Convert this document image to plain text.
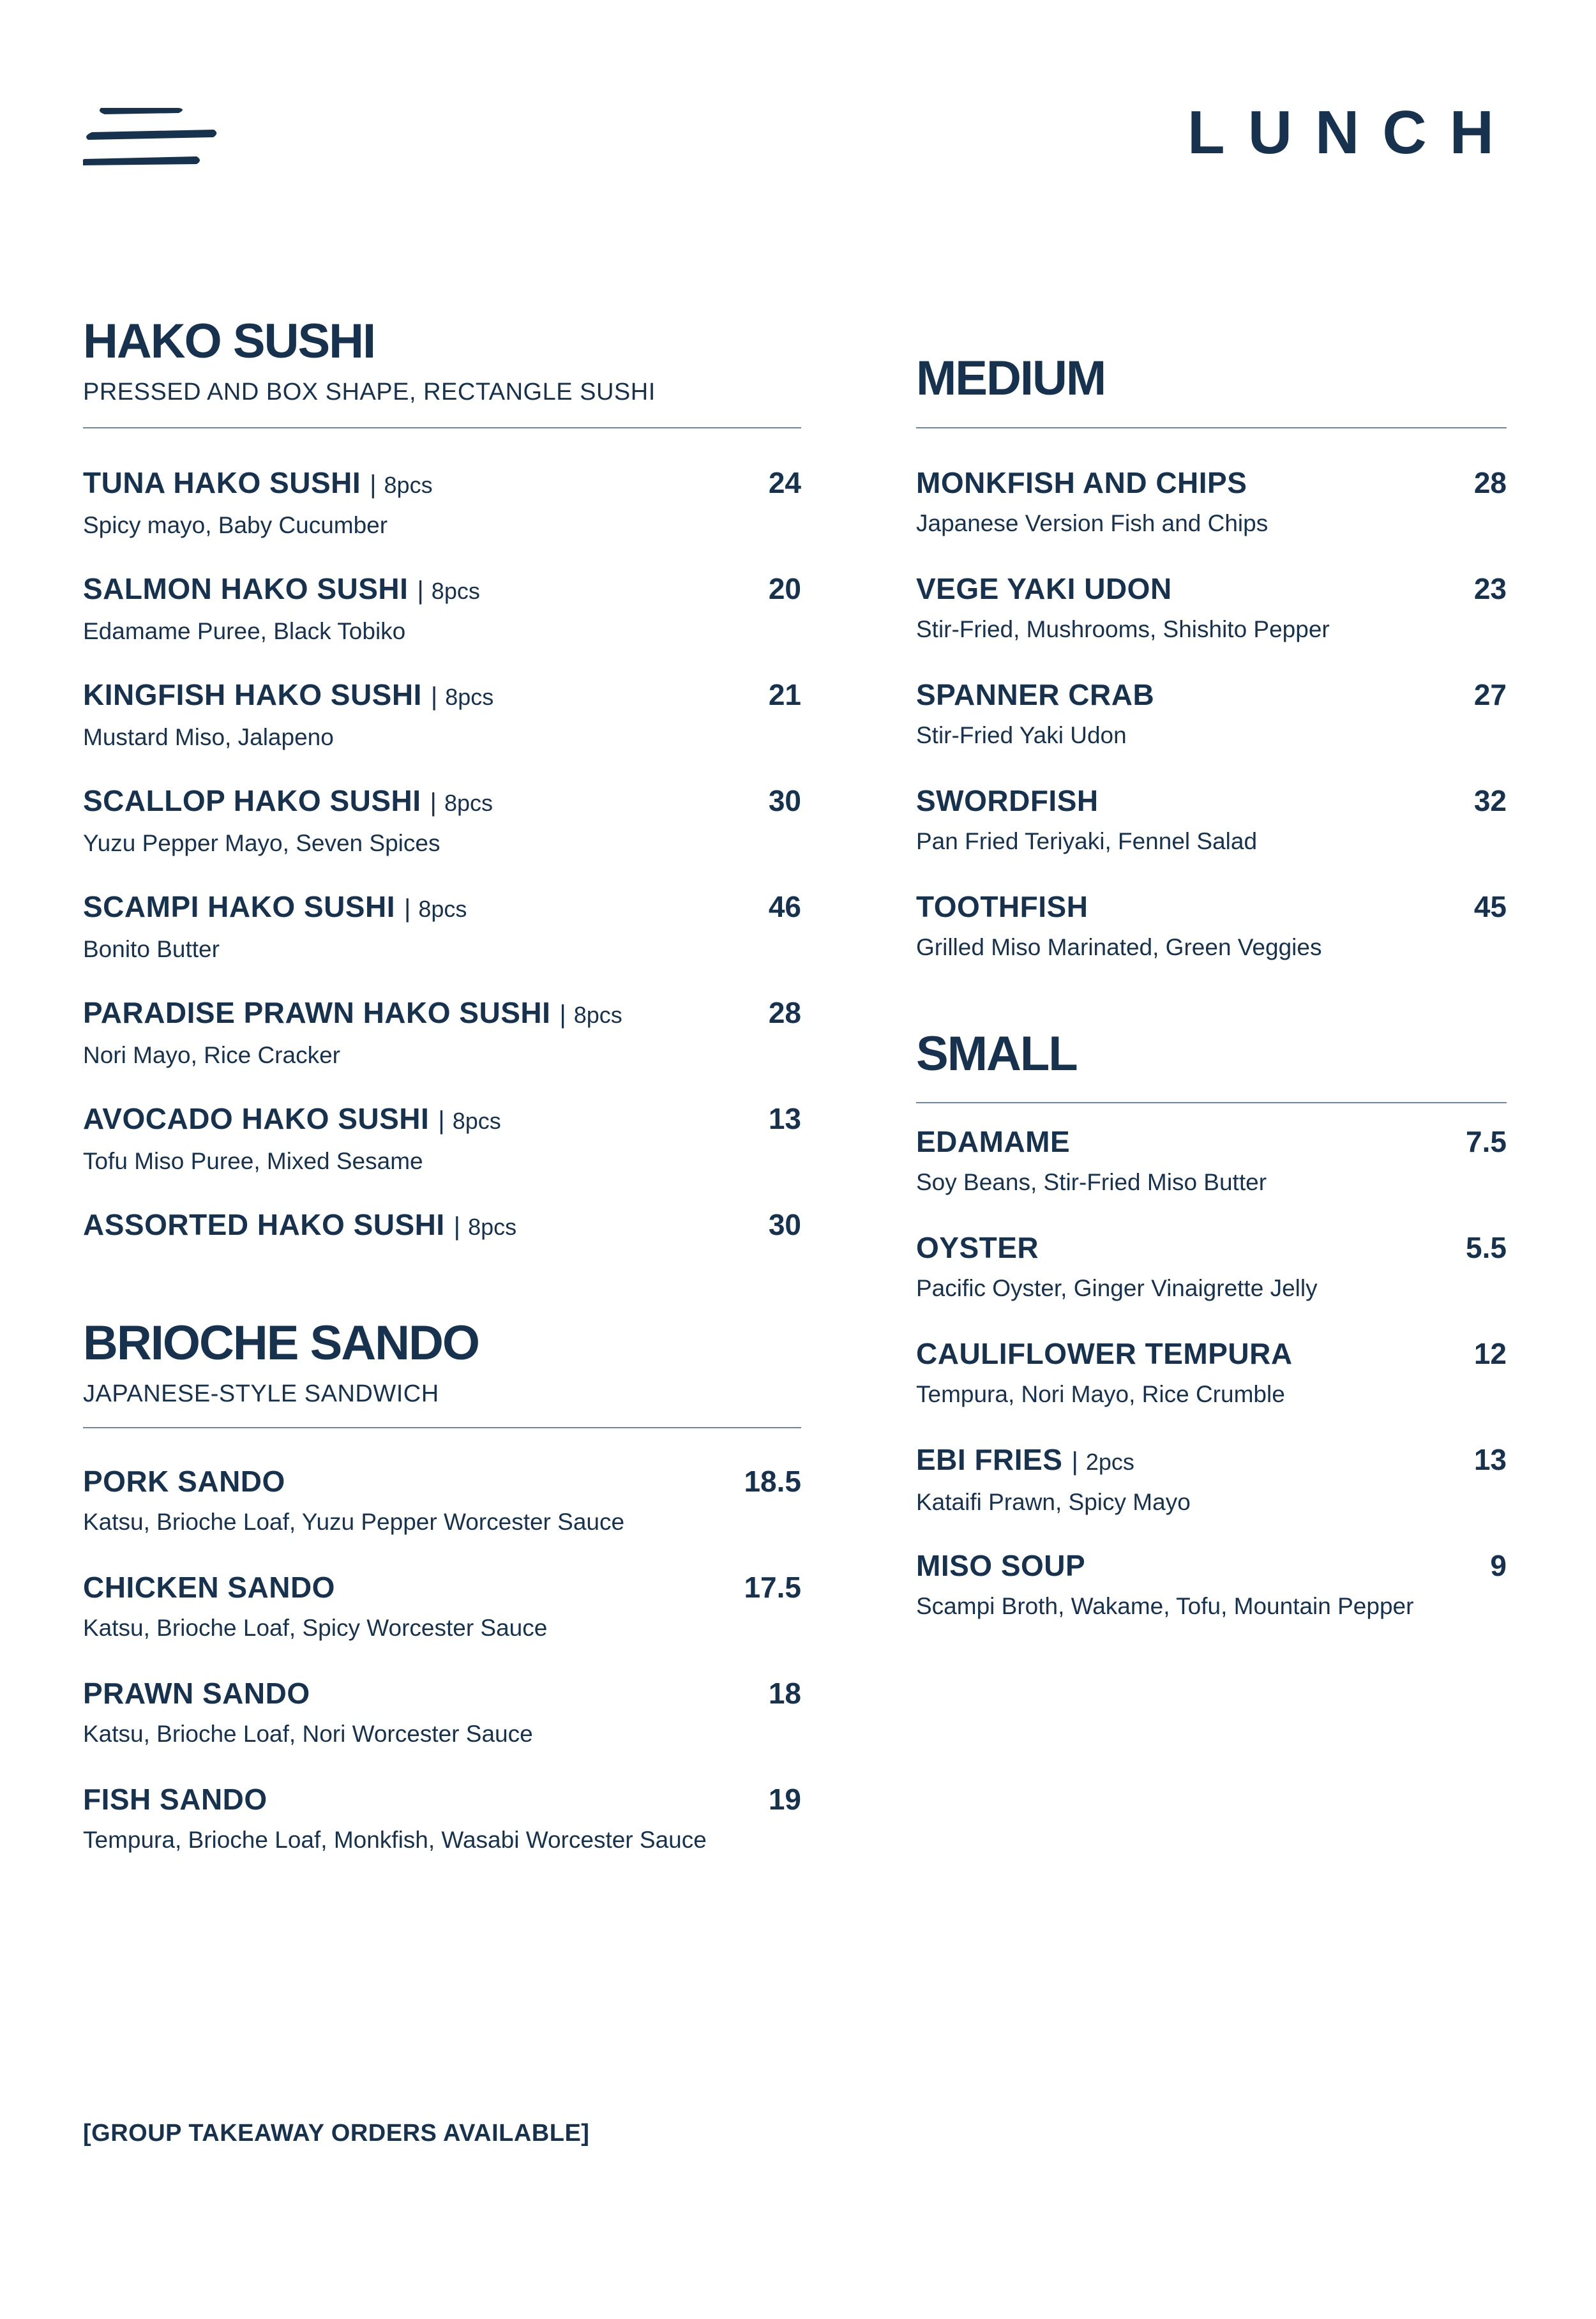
LUNCH
HAKO SUSHI
PRESSED AND BOX SHAPE, RECTANGLE SUSHI
TUNA HAKO SUSHI | 8pcs	24
Spicy mayo, Baby Cucumber
SALMON HAKO SUSHI | 8pcs	20
Edamame Puree, Black Tobiko
KINGFISH HAKO SUSHI | 8pcs	21
Mustard Miso, Jalapeno
SCALLOP HAKO SUSHI | 8pcs	30
Yuzu Pepper Mayo, Seven Spices
SCAMPI HAKO SUSHI | 8pcs	46
Bonito Butter
PARADISE PRAWN HAKO SUSHI | 8pcs	28
Nori Mayo, Rice Cracker
AVOCADO HAKO SUSHI | 8pcs	13
Tofu Miso Puree, Mixed Sesame
ASSORTED HAKO SUSHI | 8pcs	30
BRIOCHE SANDO
JAPANESE-STYLE SANDWICH
PORK SANDO	18.5
Katsu, Brioche Loaf, Yuzu Pepper Worcester Sauce
CHICKEN SANDO	17.5
Katsu, Brioche Loaf, Spicy Worcester Sauce
PRAWN SANDO	18
Katsu, Brioche Loaf, Nori Worcester Sauce
FISH SANDO	19
Tempura, Brioche Loaf, Monkfish, Wasabi Worcester Sauce
MEDIUM
MONKFISH AND CHIPS	28
Japanese Version Fish and Chips
VEGE YAKI UDON	23
Stir-Fried, Mushrooms, Shishito Pepper
SPANNER CRAB	27
Stir-Fried Yaki Udon
SWORDFISH	32
Pan Fried Teriyaki, Fennel Salad
TOOTHFISH	45
Grilled Miso Marinated, Green Veggies
SMALL
EDAMAME	7.5
Soy Beans, Stir-Fried Miso Butter
OYSTER	5.5
Pacific Oyster, Ginger Vinaigrette Jelly
CAULIFLOWER TEMPURA	12
Tempura, Nori Mayo, Rice Crumble
EBI FRIES | 2pcs	13
Kataifi Prawn, Spicy Mayo
MISO SOUP	9
Scampi Broth, Wakame, Tofu, Mountain Pepper
[GROUP TAKEAWAY ORDERS AVAILABLE]
